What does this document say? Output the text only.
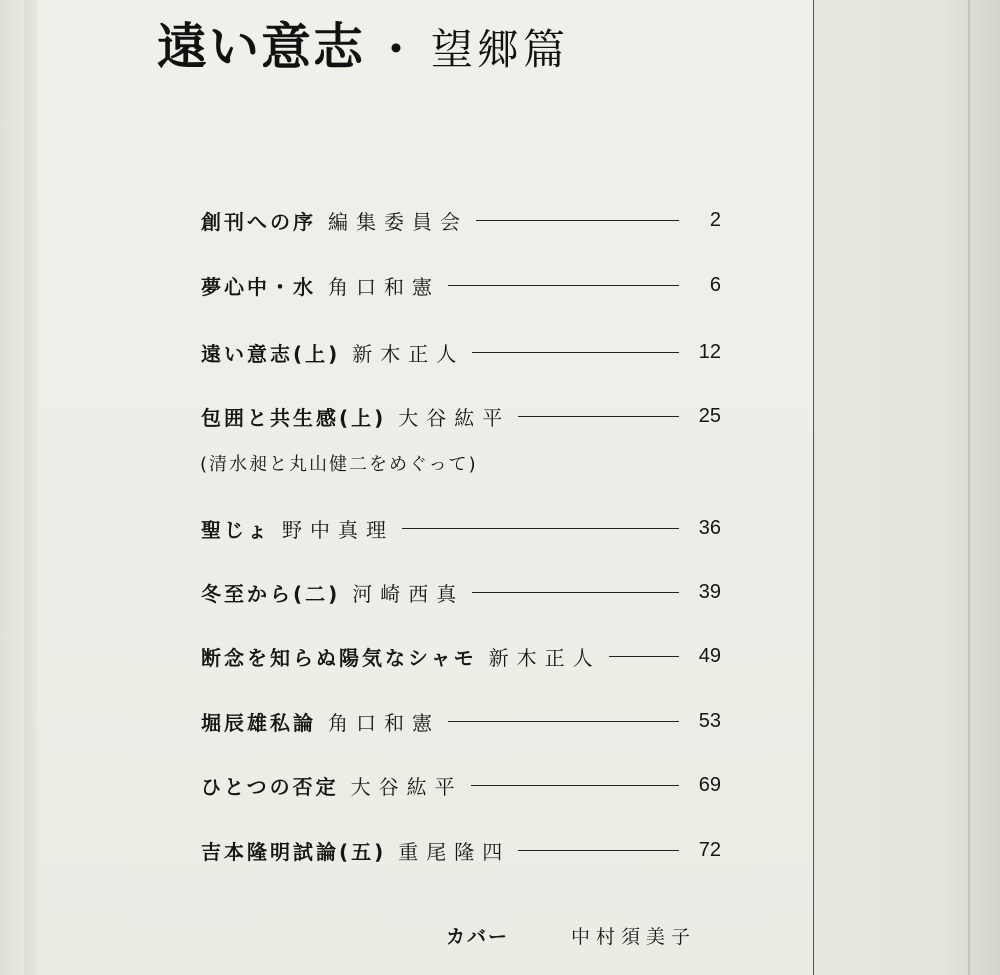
遠い意志 ・ 望郷篇
創刊への序 編集委員会	2
夢心中・水 角口和憲	6
遠い意志(上) 新木正人	12
包囲と共生感(上) 大谷紘平	25
(清水昶と丸山健二をめぐって)
聖じょ 野中真理	36
冬至から(二) 河崎西真	39
断念を知らぬ陽気なシャモ 新木正人	49
堀辰雄私論 角口和憲	53
ひとつの否定 大谷紘平	69
吉本隆明試論(五) 重尾隆四	72
カバー	中村須美子
